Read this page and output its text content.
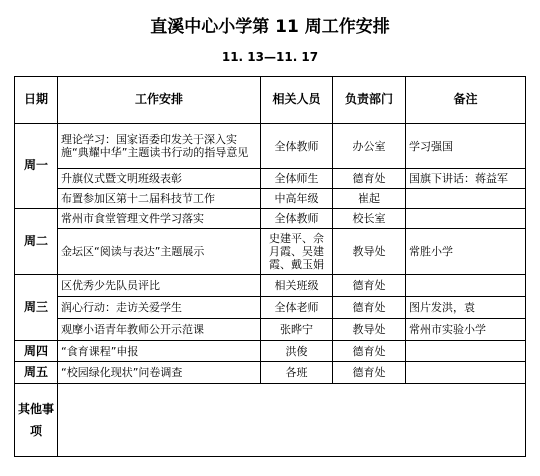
直溪中心小学第 11 周工作安排
11. 13—11. 17
日期	工作安排	相关人员	负责部门	备注
周一	理论学习：国家语委印发关于深入实施“典耀中华”主题读书行动的指导意见	全体教师	办公室	学习强国
	升旗仪式暨文明班级表彰	全体师生	德育处	国旗下讲话：蒋益军
	布置参加区第十二届科技节工作	中高年级	崔起	
周二	常州市食堂管理文件学习落实	全体教师	校长室	
	金坛区“阅读与表达”主题展示	史建平、佘月霞、吴建霞、戴玉娟	教导处	常胜小学
周三	区优秀少先队员评比	相关班级	德育处	
	润心行动：走访关爱学生	全体老师	德育处	图片发洪，袁
	观摩小语青年教师公开示范课	张晔宁	教导处	常州市实验小学
周四	“食育课程”申报	洪俊	德育处	
周五	“校园绿化现状”问卷调查	各班	德育处	
其他事项				
